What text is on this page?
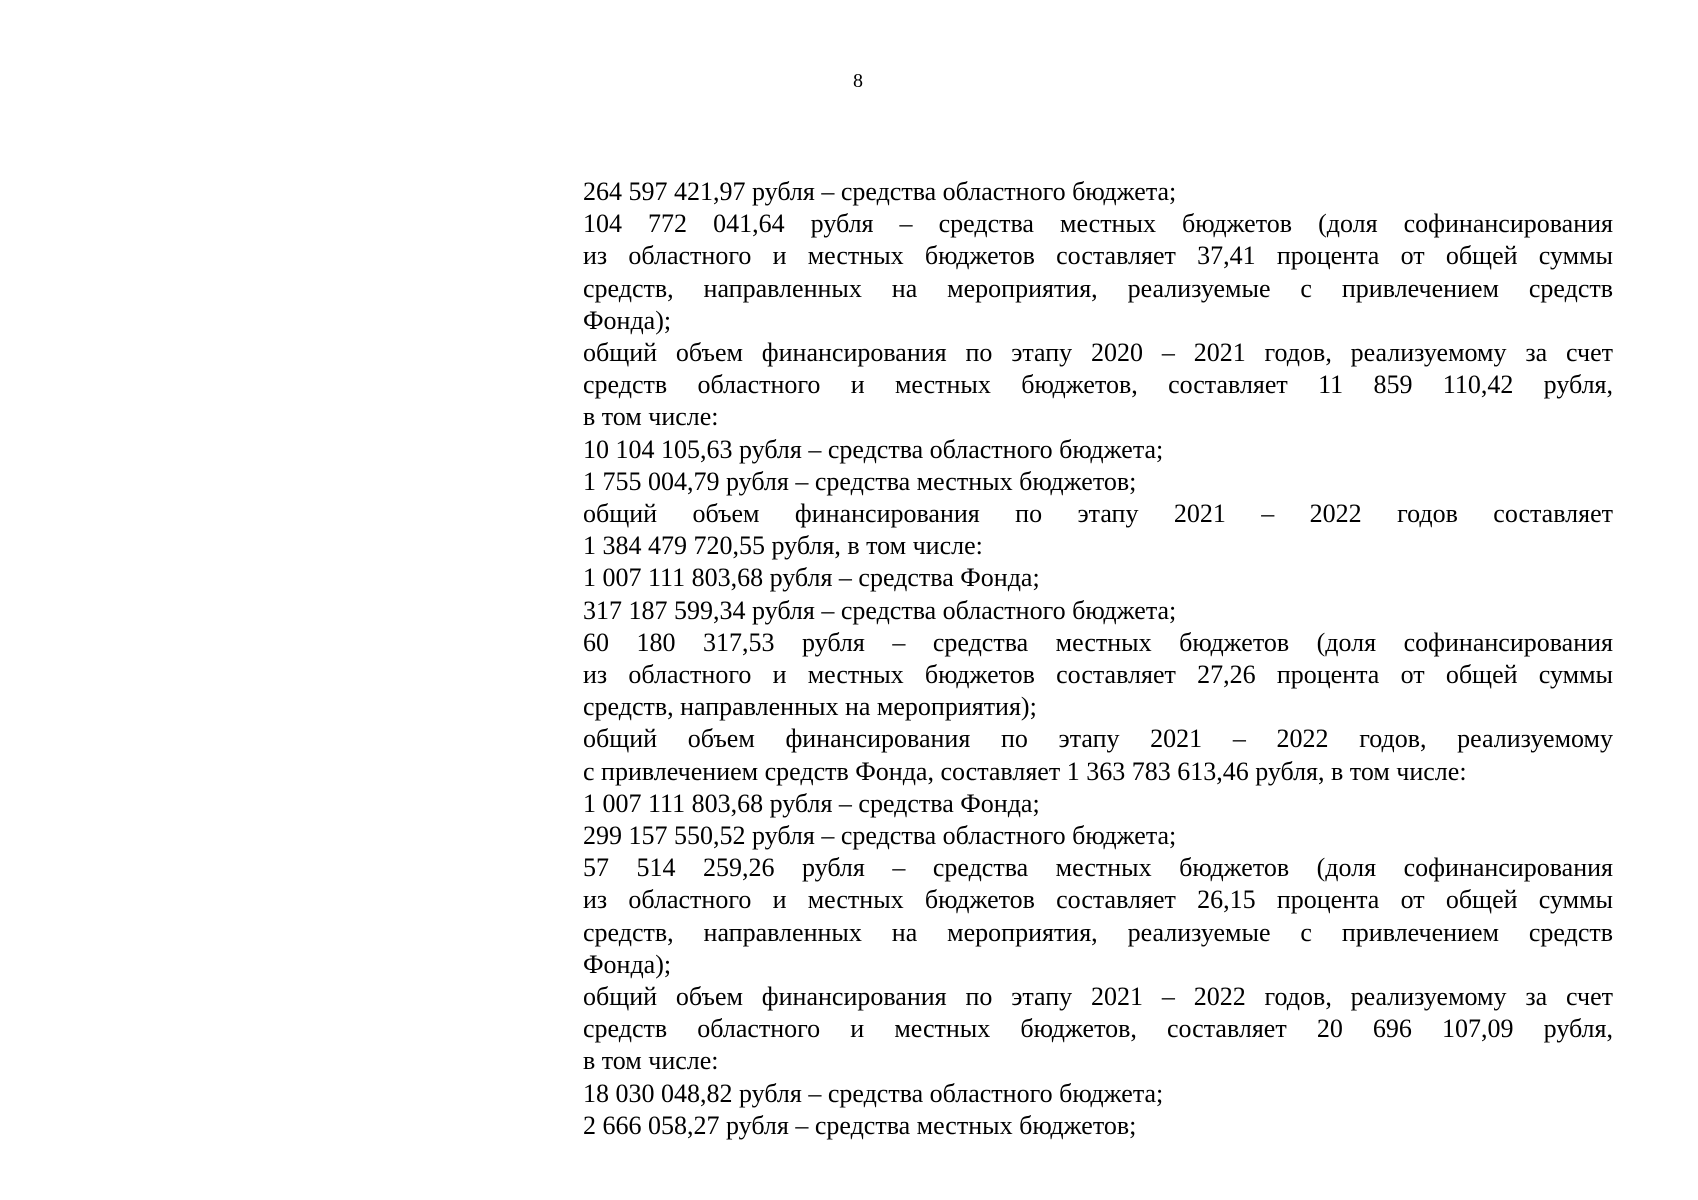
8
264 597 421,97 рубля – средства областного бюджета;
104 772 041,64 рубля – средства местных бюджетов (доля софинансирования
из областного и местных бюджетов составляет 37,41 процента от общей суммы
средств, направленных на мероприятия, реализуемые с привлечением средств
Фонда);
общий объем финансирования по этапу 2020 – 2021 годов, реализуемому за счет
средств областного и местных бюджетов, составляет 11 859 110,42 рубля,
в том числе:
10 104 105,63 рубля – средства областного бюджета;
1 755 004,79 рубля – средства местных бюджетов;
общий объем финансирования по этапу 2021 – 2022 годов составляет
1 384 479 720,55 рубля, в том числе:
1 007 111 803,68 рубля – средства Фонда;
317 187 599,34 рубля – средства областного бюджета;
60 180 317,53 рубля – средства местных бюджетов (доля софинансирования
из областного и местных бюджетов составляет 27,26 процента от общей суммы
средств, направленных на мероприятия);
общий объем финансирования по этапу 2021 – 2022 годов, реализуемому
с привлечением средств Фонда, составляет 1 363 783 613,46 рубля, в том числе:
1 007 111 803,68 рубля – средства Фонда;
299 157 550,52 рубля – средства областного бюджета;
57 514 259,26 рубля – средства местных бюджетов (доля софинансирования
из областного и местных бюджетов составляет 26,15 процента от общей суммы
средств, направленных на мероприятия, реализуемые с привлечением средств
Фонда);
общий объем финансирования по этапу 2021 – 2022 годов, реализуемому за счет
средств областного и местных бюджетов, составляет 20 696 107,09 рубля,
в том числе:
18 030 048,82 рубля – средства областного бюджета;
2 666 058,27 рубля – средства местных бюджетов;
